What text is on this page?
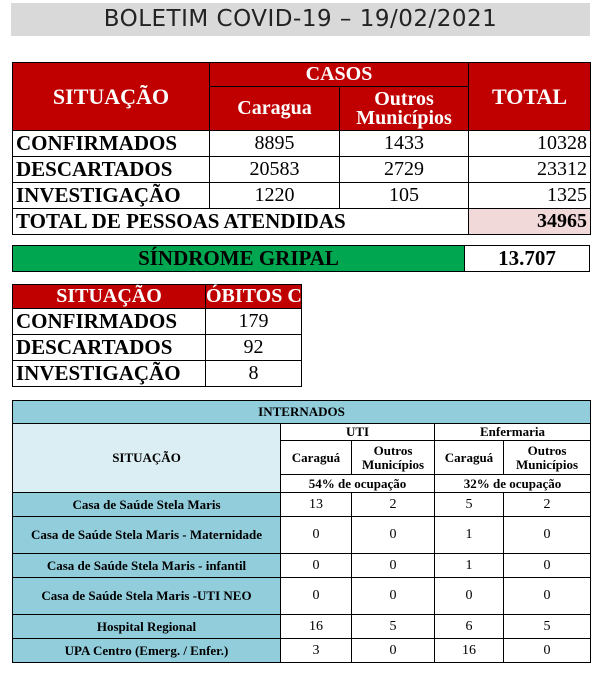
BOLETIM COVID-19 – 19/02/2021
SITUAÇÃO	CASOS		TOTAL
	Caragua	Outros Municípios	
CONFIRMADOS	8895	1433	10328
DESCARTADOS	20583	2729	23312
INVESTIGAÇÃO	1220	105	1325
TOTAL DE PESSOAS ATENDIDAS			34965
SÍNDROME GRIPAL	13.707
SITUAÇÃO	ÓBITOS CARAGUÁ
CONFIRMADOS	179
DESCARTADOS	92
INVESTIGAÇÃO	8
INTERNADOS				
SITUAÇÃO	UTI		Enfermaria	
	Caraguá	Outros Municípios	Caraguá	Outros Municípios
	54% de ocupação		32% de ocupação	
Casa de Saúde Stela Maris	13	2	5	2
Casa de Saúde Stela Maris - Maternidade	0	0	1	0
Casa de Saúde Stela Maris - infantil	0	0	1	0
Casa de Saúde Stela Maris -UTI NEO	0	0	0	0
Hospital Regional	16	5	6	5
UPA Centro (Emerg. / Enfer.)	3	0	16	0
